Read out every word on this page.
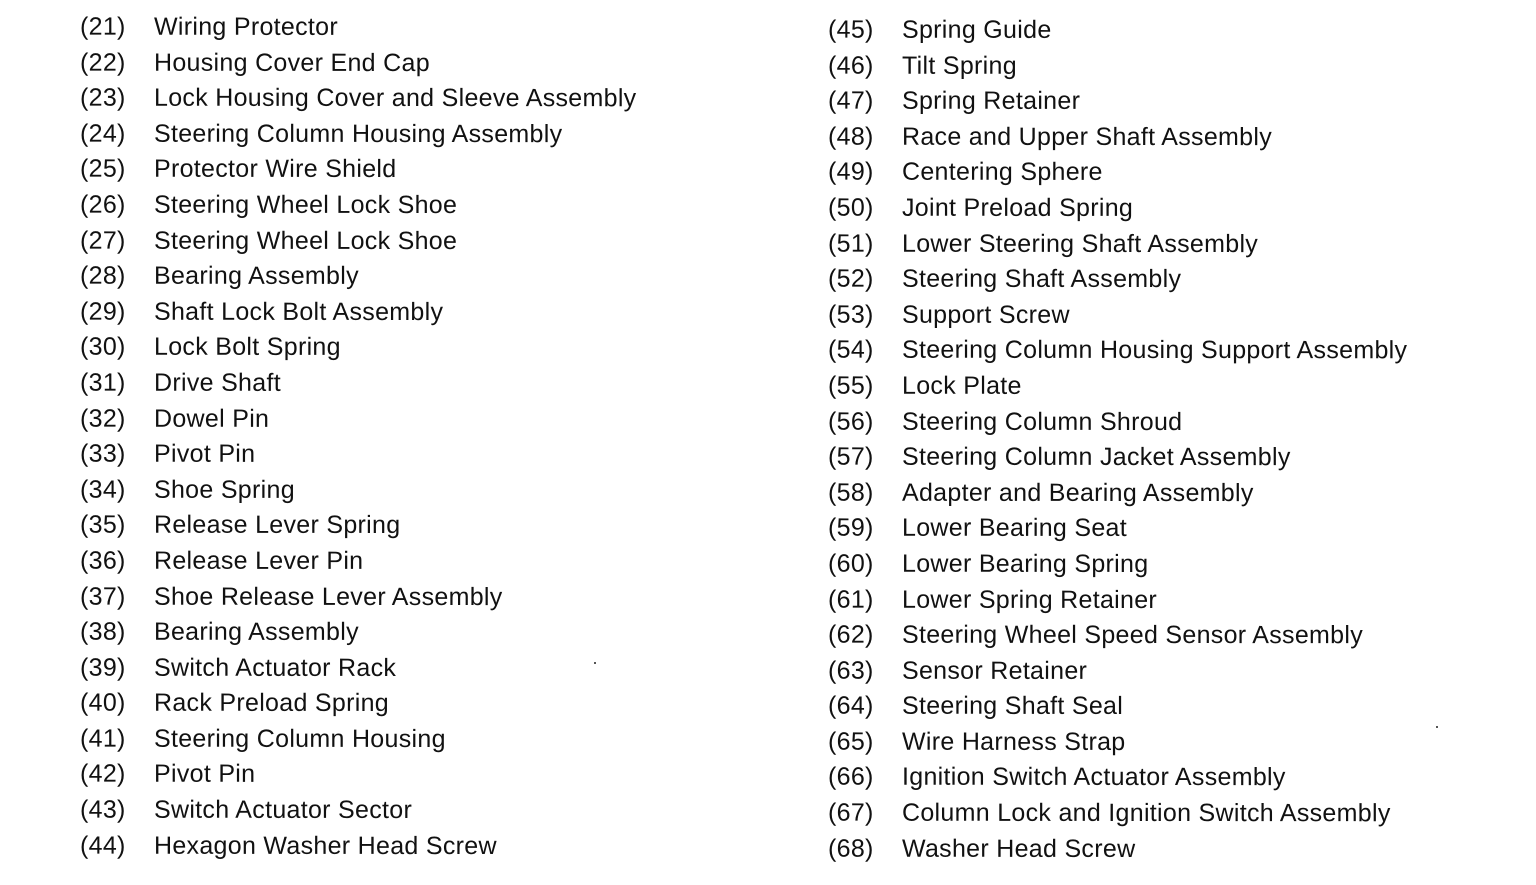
(21)	Wiring Protector
(22)	Housing Cover End Cap
(23)	Lock Housing Cover and Sleeve Assembly
(24)	Steering Column Housing Assembly
(25)	Protector Wire Shield
(26)	Steering Wheel Lock Shoe
(27)	Steering Wheel Lock Shoe
(28)	Bearing Assembly
(29)	Shaft Lock Bolt Assembly
(30)	Lock Bolt Spring
(31)	Drive Shaft
(32)	Dowel Pin
(33)	Pivot Pin
(34)	Shoe Spring
(35)	Release Lever Spring
(36)	Release Lever Pin
(37)	Shoe Release Lever Assembly
(38)	Bearing Assembly
(39)	Switch Actuator Rack
(40)	Rack Preload Spring
(41)	Steering Column Housing
(42)	Pivot Pin
(43)	Switch Actuator Sector
(44)	Hexagon Washer Head Screw
(45)	Spring Guide
(46)	Tilt Spring
(47)	Spring Retainer
(48)	Race and Upper Shaft Assembly
(49)	Centering Sphere
(50)	Joint Preload Spring
(51)	Lower Steering Shaft Assembly
(52)	Steering Shaft Assembly
(53)	Support Screw
(54)	Steering Column Housing Support Assembly
(55)	Lock Plate
(56)	Steering Column Shroud
(57)	Steering Column Jacket Assembly
(58)	Adapter and Bearing Assembly
(59)	Lower Bearing Seat
(60)	Lower Bearing Spring
(61)	Lower Spring Retainer
(62)	Steering Wheel Speed Sensor Assembly
(63)	Sensor Retainer
(64)	Steering Shaft Seal
(65)	Wire Harness Strap
(66)	Ignition Switch Actuator Assembly
(67)	Column Lock and Ignition Switch Assembly
(68)	Washer Head Screw
